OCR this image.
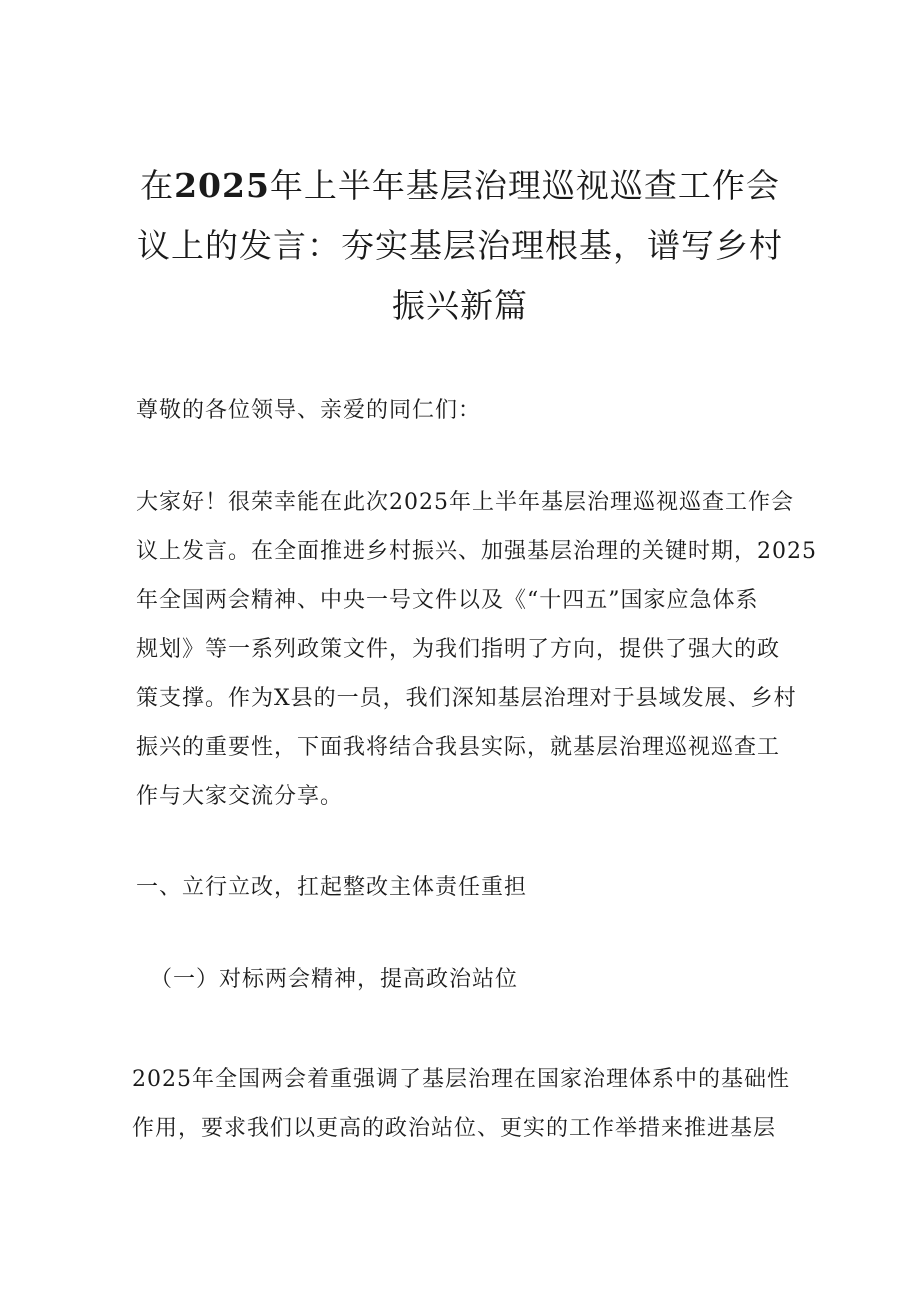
在2025年上半年基层治理巡视巡查工作会
议上的发言：夯实基层治理根基，谱写乡村
振兴新篇

尊敬的各位领导、亲爱的同仁们：

大家好！很荣幸能在此次2025年上半年基层治理巡视巡查工作会
议上发言。在全面推进乡村振兴、加强基层治理的关键时期，2025
年全国两会精神、中央一号文件以及《“十四五”国家应急体系
规划》等一系列政策文件，为我们指明了方向，提供了强大的政
策支撑。作为X县的一员，我们深知基层治理对于县域发展、乡村
振兴的重要性，下面我将结合我县实际，就基层治理巡视巡查工
作与大家交流分享。

一、立行立改，扛起整改主体责任重担

（一）对标两会精神，提高政治站位

2025年全国两会着重强调了基层治理在国家治理体系中的基础性
作用，要求我们以更高的政治站位、更实的工作举措来推进基层
